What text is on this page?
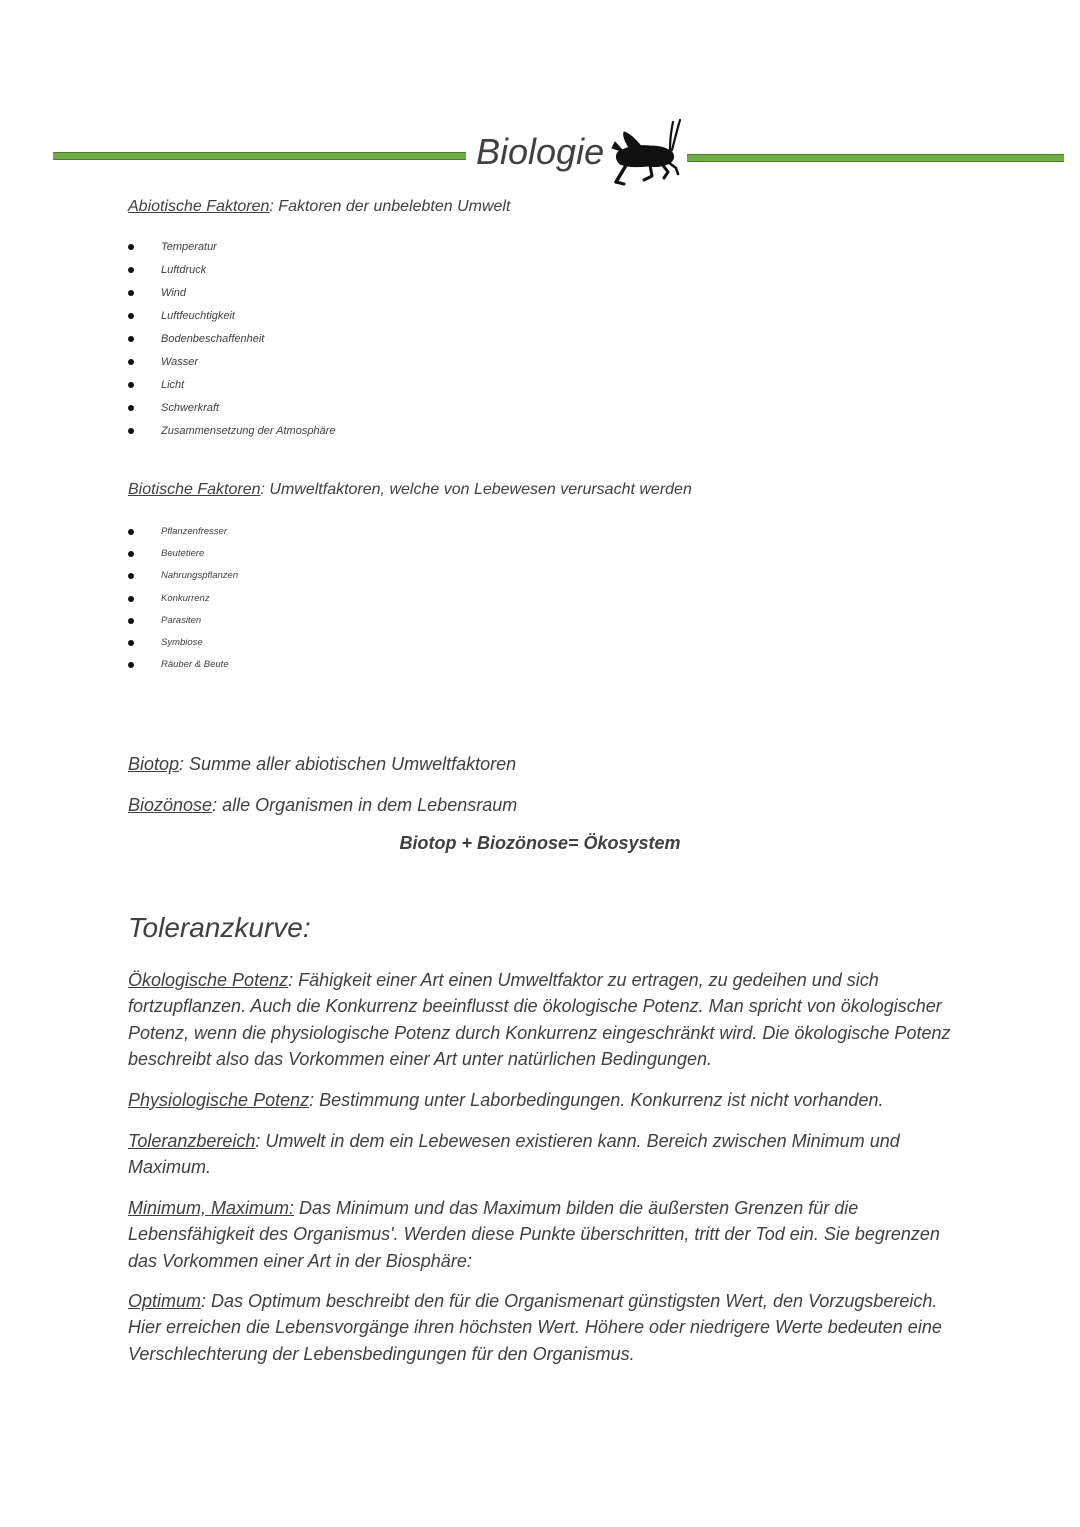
Biologie

Abiotische Faktoren: Faktoren der unbelebten Umwelt

Temperatur
Luftdruck
Wind
Luftfeuchtigkeit
Bodenbeschaffenheit
Wasser
Licht
Schwerkraft
Zusammensetzung der Atmosphäre

Biotische Faktoren: Umweltfaktoren, welche von Lebewesen verursacht werden

Pflanzenfresser
Beutetiere
Nahrungspflanzen
Konkurrenz
Parasiten
Symbiose
Räuber & Beute

Biotop: Summe aller abiotischen Umweltfaktoren

Biozönose: alle Organismen in dem Lebensraum

Biotop + Biozönose= Ökosystem

Toleranzkurve:

Ökologische Potenz: Fähigkeit einer Art einen Umweltfaktor zu ertragen, zu gedeihen und sich fortzupflanzen. Auch die Konkurrenz beeinflusst die ökologische Potenz. Man spricht von ökologischer Potenz, wenn die physiologische Potenz durch Konkurrenz eingeschränkt wird. Die ökologische Potenz beschreibt also das Vorkommen einer Art unter natürlichen Bedingungen.

Physiologische Potenz: Bestimmung unter Laborbedingungen. Konkurrenz ist nicht vorhanden.

Toleranzbereich: Umwelt in dem ein Lebewesen existieren kann. Bereich zwischen Minimum und Maximum.

Minimum, Maximum: Das Minimum und das Maximum bilden die äußersten Grenzen für die Lebensfähigkeit des Organismus'. Werden diese Punkte überschritten, tritt der Tod ein. Sie begrenzen das Vorkommen einer Art in der Biosphäre:

Optimum: Das Optimum beschreibt den für die Organismenart günstigsten Wert, den Vorzugsbereich. Hier erreichen die Lebensvorgänge ihren höchsten Wert. Höhere oder niedrigere Werte bedeuten eine Verschlechterung der Lebensbedingungen für den Organismus.
